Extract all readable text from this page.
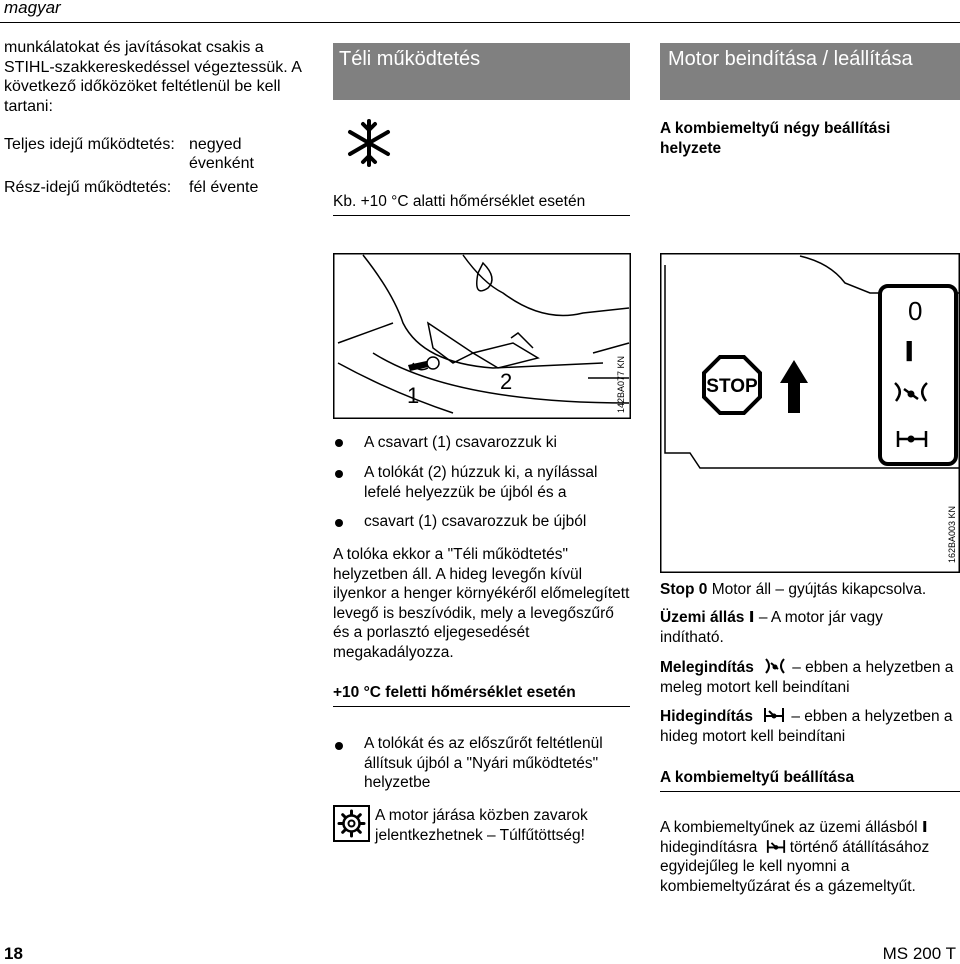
magyar
munkálatokat és javításokat csakis a STIHL-szakkereskedéssel végeztessük. A következő időközöket feltétlenül be kell tartani:
Teljes idejű működtetés: negyed
évenként
Rész-idejű működtetés: fél évente
Téli működtetés
Kb. +10 °C alatti hőmérséklet esetén
1
2	142BA077 KN
A csavart (1) csavarozzuk ki
A tolókát (2) húzzuk ki, a nyílással lefelé helyezzük be újból és a
csavart (1) csavarozzuk be újból
A tolóka ekkor a "Téli működtetés" helyzetben áll. A hideg levegőn kívül ilyenkor a henger környékéről előmelegített levegő is beszívódik, mely a levegőszűrő és a porlasztó eljegesedését megakadályozza.
+10 °C feletti hőmérséklet esetén
A tolókát és az előszűrőt feltétlenül állítsuk újból a "Nyári működtetés" helyzetbe
A motor járása közben zavarok jelentkezhetnek – Túlfűtöttség!
Motor beindítása / leállítása
A kombiemeltyű négy beállítási helyzete
0
I
STOP
162BA003 KN
Stop 0 Motor áll – gyújtás kikapcsolva.
Üzemi állás I – A motor jár vagy indítható.
Melegindítás – ebben a helyzetben a meleg motort kell beindítani
Hidegindítás – ebben a helyzetben a hideg motort kell beindítani
A kombiemeltyű beállítása
A kombiemeltyűnek az üzemi állásból I
hidegindításra történő átállításához
egyidejűleg le kell nyomni a kombiemeltyűzárat és a gázemeltyűt.
18	MS 200 T
